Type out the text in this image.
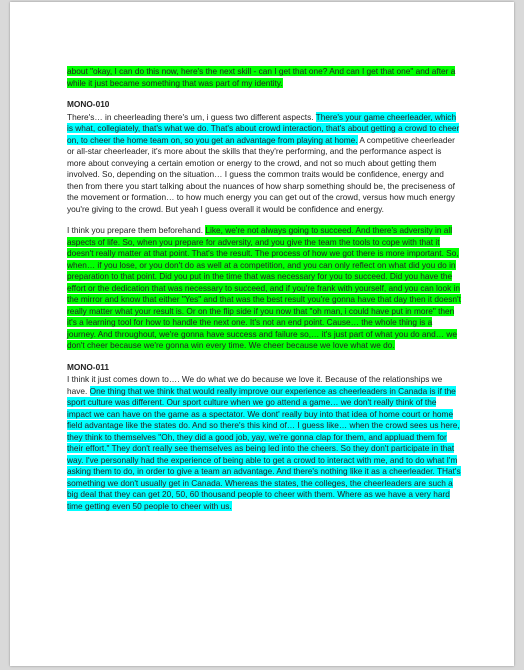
about "okay, I can do this now, here's the next skill - can I get that one? And can I get that one" and after a while it just became something that was part of my identity.

MONO-010

There's… in cheerleading there's um, i guess two different aspects. There's your game cheerleader, which is what, collegiately, that's what we do. That's about crowd interaction, that's about getting a crowd to cheer on, to cheer the home team on, so you get an advantage from playing at home. A competitive cheerleader or all-star cheerleader, it's more about the skills that they're performing, and the performance aspect is more about conveying a certain emotion or energy to the crowd, and not so much about getting them involved. So, depending on the situation… I guess the common traits would be confidence, energy and then from there you start talking about the nuances of how sharp something should be, the preciseness of the movement or formation… to how much energy you can get out of the crowd, versus how much energy you're giving to the crowd. But yeah I guess overall it would be confidence and energy.

I think you prepare them beforehand. Like, we're not always going to succeed. And there's adversity in all aspects of life. So, when you prepare for adversity, and you give the team the tools to cope with that it doesn't really matter at that point. That's the result. The process of how we got there is more important. So, when… if you lose, or you don't do as well at a competition, and you can only reflect on what did you do in preparation to that point. Did you put in the time that was necessary for you to succeed. Did you have the effort or the dedication that was necessary to succeed, and if you're frank with yourself, and you can look in the mirror and know that either "Yes" and that was the best result you're gonna have that day then it doesn't really matter what your result is. Or on the flip side if you now that "oh man, i could have put in more" then it's a learning tool for how to handle the next one. It's not an end point. Cause… the whole thing is a journey. And throughout, we're gonna have success and failure so,… it's just part of what you do and… we don't cheer because we're gonna win every time. We cheer because we love what we do.

MONO-011

I think it just comes down to…. We do what we do because we love it. Because of the relationships we have. One thing that we think that would really improve our experience as cheerleaders in Canada is if the sport culture was different. Our sport culture when we go attend a game… we don't really think of the impact we can have on the game as a spectator. We dont' really buy into that idea of home court or home field advantage like the states do. And so there's this kind of… I guess like… when the crowd sees us here, they think to themselves "Oh, they did a good job, yay, we're gonna clap for them, and appluad them for their effort." They don't really see themselves as being led into the cheers. So they don't participate in that way. I've personally had the experience of being able to get a crowd to interact with me, and to do what I'm asking them to do, in order to give a team an advantage. And there's nothing like it as a cheerleader. THat's something we don't usually get in Canada. Whereas the states, the colleges, the cheerleaders are such a big deal that they can get 20, 50, 60 thousand people to cheer with them. Where as we have a very hard time getting even 50 people to cheer with us.
